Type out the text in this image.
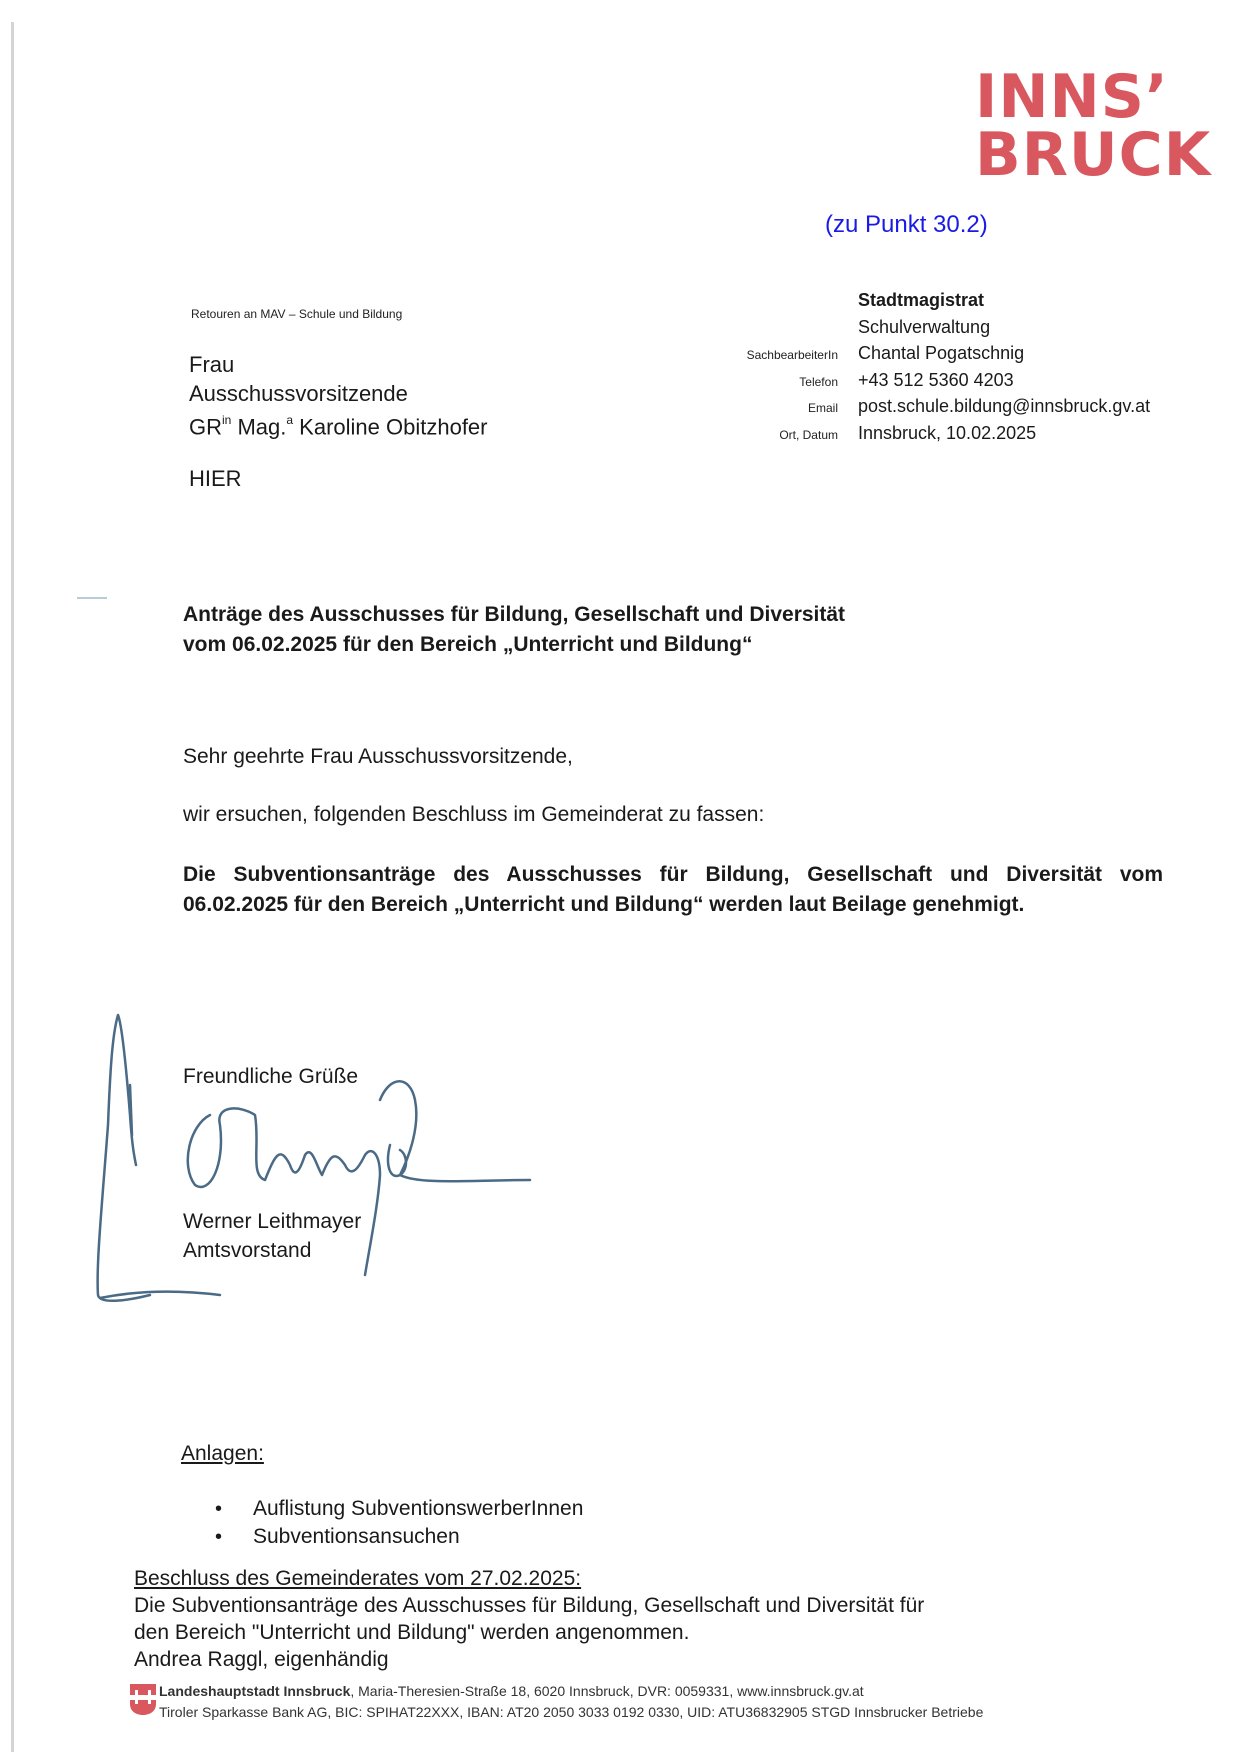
INNS’
BRUCK
(zu Punkt 30.2)
Retouren an MAV – Schule und Bildung
Frau
Ausschussvorsitzende
$GR^{in}$ Mag.$^a$ Karoline Obitzhofer
HIER
Stadtmagistrat
Schulverwaltung
SachbearbeiterIn	Chantal Pogatschnig
Telefon	+43 512 5360 4203
Email	post.schule.bildung@innsbruck.gv.at
Ort, Datum	Innsbruck, 10.02.2025
Anträge des Ausschusses für Bildung, Gesellschaft und Diversität
vom 06.02.2025 für den Bereich „Unterricht und Bildung“
Sehr geehrte Frau Ausschussvorsitzende,
wir ersuchen, folgenden Beschluss im Gemeinderat zu fassen:
Die Subventionsanträge des Ausschusses für Bildung, Gesellschaft und Diversität vom 06.02.2025 für den Bereich „Unterricht und Bildung“ werden laut Beilage genehmigt.
Freundliche Grüße
Werner Leithmayer
Amtsvorstand
Anlagen:
• Auflistung SubventionswerberInnen
• Subventionsansuchen
Beschluss des Gemeinderates vom 27.02.2025:
Die Subventionsanträge des Ausschusses für Bildung, Gesellschaft und Diversität für
den Bereich "Unterricht und Bildung" werden angenommen.
Andrea Raggl, eigenhändig
Landeshauptstadt Innsbruck, Maria-Theresien-Straße 18, 6020 Innsbruck, DVR: 0059331, www.innsbruck.gv.at
Tiroler Sparkasse Bank AG, BIC: SPIHAT22XXX, IBAN: AT20 2050 3033 0192 0330, UID: ATU36832905 STGD Innsbrucker Betriebe
